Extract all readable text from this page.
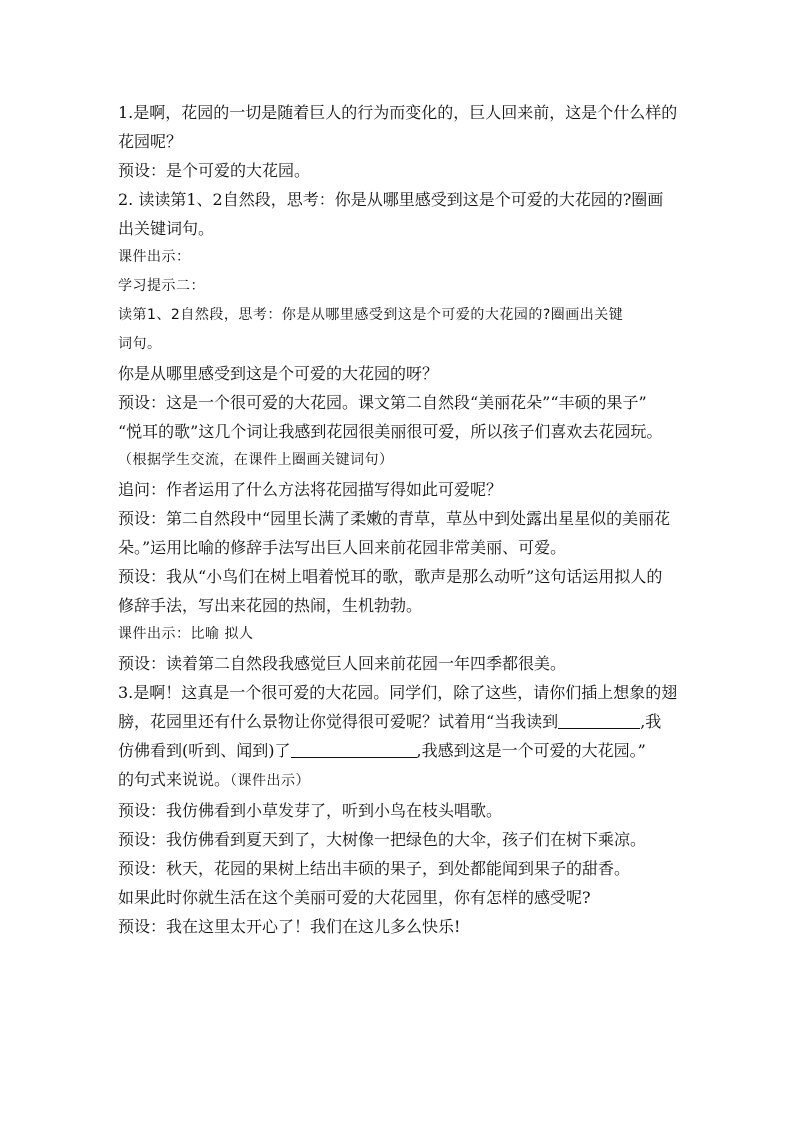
1.是啊，花园的一切是随着巨人的行为而变化的，巨人回来前，这是个什么样的

花园呢？

预设：是个可爱的大花园。

2. 读读第1、2自然段，思考：你是从哪里感受到这是个可爱的大花园的?圈画

出关键词句。

课件出示：

学习提示二：

读第1、2自然段，思考：你是从哪里感受到这是个可爱的大花园的?圈画出关键

词句。

你是从哪里感受到这是个可爱的大花园的呀？

预设：这是一个很可爱的大花园。课文第二自然段“美丽花朵”“丰硕的果子”

“悦耳的歌”这几个词让我感到花园很美丽很可爱，所以孩子们喜欢去花园玩。

（根据学生交流，在课件上圈画关键词句）

追问：作者运用了什么方法将花园描写得如此可爱呢？

预设：第二自然段中“园里长满了柔嫩的青草，草丛中到处露出星星似的美丽花

朵。”运用比喻的修辞手法写出巨人回来前花园非常美丽、可爱。

预设：我从“小鸟们在树上唱着悦耳的歌，歌声是那么动听”这句话运用拟人的

修辞手法，写出来花园的热闹，生机勃勃。

课件出示：比喻 拟人

预设：读着第二自然段我感觉巨人回来前花园一年四季都很美。

3.是啊！这真是一个很可爱的大花园。同学们，除了这些，请你们插上想象的翅

膀，花园里还有什么景物让你觉得很可爱呢？试着用“当我读到	,我

仿佛看到(听到、闻到)了	,我感到这是一个可爱的大花园。”

的句式来说说。（课件出示）

预设：我仿佛看到小草发芽了，听到小鸟在枝头唱歌。

预设：我仿佛看到夏天到了，大树像一把绿色的大伞，孩子们在树下乘凉。

预设：秋天，花园的果树上结出丰硕的果子，到处都能闻到果子的甜香。

如果此时你就生活在这个美丽可爱的大花园里，你有怎样的感受呢?

预设：我在这里太开心了！我们在这儿多么快乐!
